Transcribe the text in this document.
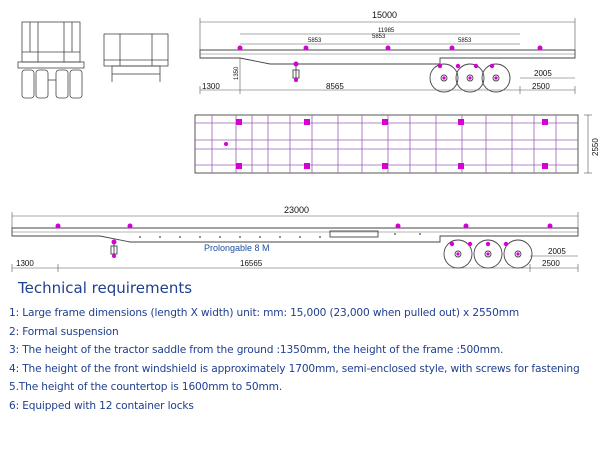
15000
11985
5853
5853
5853
1350
1300	8565
2005
2500
2550
23000
Prolongable 8 M
1300	16565
2005
2500
Technical requirements
1: Large frame dimensions (length X width) unit: mm: 15,000 (23,000 when pulled out) x 2550mm
2: Formal suspension
3: The height of the tractor saddle from the ground :1350mm, the height of the frame :500mm.
4: The height of the front windshield is approximately 1700mm, semi-enclosed style, with screws for fastening
5.The height of the countertop is 1600mm to 50mm.
6: Equipped with 12 container locks
